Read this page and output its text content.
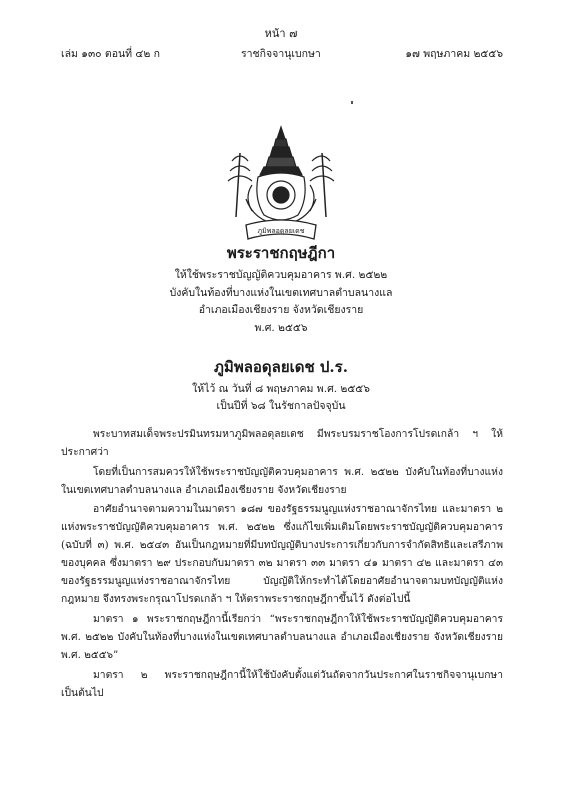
หน้า ๗
เล่ม ๑๓๐ ตอนที่ ๔๒ ก	ราชกิจจานุเบกษา	๑๗ พฤษภาคม ๒๕๕๖
ภูมิพลอดุลยเดช
พระราชกฤษฎีกา
ให้ใช้พระราชบัญญัติควบคุมอาคาร พ.ศ. ๒๕๒๒
บังคับในท้องที่บางแห่งในเขตเทศบาลตำบลนางแล
อำเภอเมืองเชียงราย จังหวัดเชียงราย
พ.ศ. ๒๕๕๖
ภูมิพลอดุลยเดช ป.ร.
ให้ไว้ ณ วันที่ ๘ พฤษภาคม พ.ศ. ๒๕๕๖
เป็นปีที่ ๖๘ ในรัชกาลปัจจุบัน
พระบาทสมเด็จพระปรมินทรมหาภูมิพลอดุลยเดช มีพระบรมราชโองการโปรดเกล้า ฯ ให้ประกาศว่า
โดยที่เป็นการสมควรให้ใช้พระราชบัญญัติควบคุมอาคาร พ.ศ. ๒๕๒๒ บังคับในท้องที่บางแห่งในเขตเทศบาลตำบลนางแล อำเภอเมืองเชียงราย จังหวัดเชียงราย
อาศัยอำนาจตามความในมาตรา ๑๘๗ ของรัฐธรรมนูญแห่งราชอาณาจักรไทย และมาตรา ๒ แห่งพระราชบัญญัติควบคุมอาคาร พ.ศ. ๒๕๒๒ ซึ่งแก้ไขเพิ่มเติมโดยพระราชบัญญัติควบคุมอาคาร (ฉบับที่ ๓) พ.ศ. ๒๕๔๓ อันเป็นกฎหมายที่มีบทบัญญัติบางประการเกี่ยวกับการจำกัดสิทธิและเสรีภาพของบุคคล ซึ่งมาตรา ๒๙ ประกอบกับมาตรา ๓๒ มาตรา ๓๓ มาตรา ๔๑ มาตรา ๔๒ และมาตรา ๔๓ ของรัฐธรรมนูญแห่งราชอาณาจักรไทย บัญญัติให้กระทำได้โดยอาศัยอำนาจตามบทบัญญัติแห่งกฎหมาย จึงทรงพระกรุณาโปรดเกล้า ฯ ให้ตราพระราชกฤษฎีกาขึ้นไว้ ดังต่อไปนี้
มาตรา ๑ พระราชกฤษฎีกานี้เรียกว่า “พระราชกฤษฎีกาให้ใช้พระราชบัญญัติควบคุมอาคาร พ.ศ. ๒๕๒๒ บังคับในท้องที่บางแห่งในเขตเทศบาลตำบลนางแล อำเภอเมืองเชียงราย จังหวัดเชียงราย พ.ศ. ๒๕๕๖”
มาตรา ๒ พระราชกฤษฎีกานี้ให้ใช้บังคับตั้งแต่วันถัดจากวันประกาศในราชกิจจานุเบกษาเป็นต้นไป
